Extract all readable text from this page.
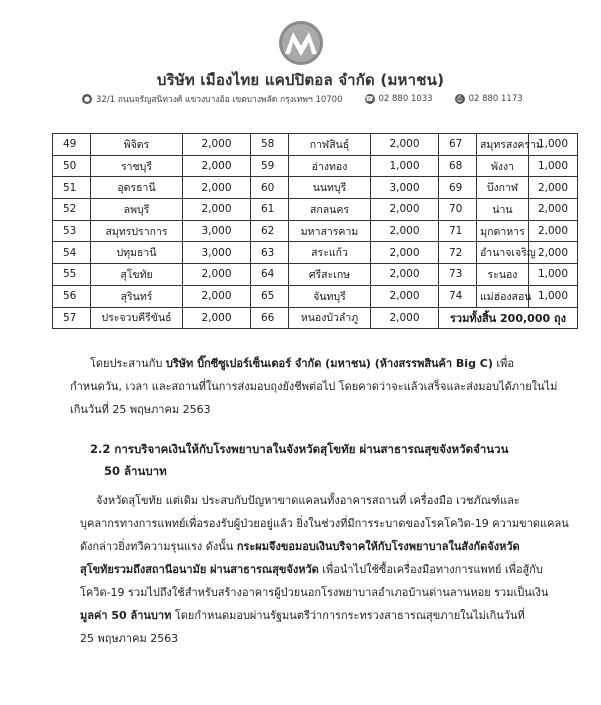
บริษัท เมืองไทย แคปปิตอล จำกัด (มหาชน)
● 32/1 ถนนจรัญสนิทวงศ์ แขวงบางอ้อ เขตบางพลัด กรุงเทพฯ 10700	☎ 02 880 1033	⎙ 02 880 1173
49	พิจิตร	2,000	58	กาฬสินธุ์	2,000	67	สมุทรสงคราม	1,000
50	ราชบุรี	2,000	59	อ่างทอง	1,000	68	พังงา	1,000
51	อุดรธานี	2,000	60	นนทบุรี	3,000	69	บึงกาฬ	2,000
52	ลพบุรี	2,000	61	สกลนคร	2,000	70	น่าน	2,000
53	สมุทรปราการ	3,000	62	มหาสารคาม	2,000	71	มุกดาหาร	2,000
54	ปทุมธานี	3,000	63	สระแก้ว	2,000	72	อำนาจเจริญ	2,000
55	สุโขทัย	2,000	64	ศรีสะเกษ	2,000	73	ระนอง	1,000
56	สุรินทร์	2,000	65	จันทบุรี	2,000	74	แม่ฮ่องสอน	1,000
57	ประจวบคีรีขันธ์	2,000	66	หนองบัวลำภู	2,000	รวมทั้งสิ้น 200,000 ถุง		
โดยประสานกับ บริษัท บิ๊กซีซูเปอร์เซ็นเตอร์ จำกัด (มหาชน) (ห้างสรรพสินค้า Big C) เพื่อ
กำหนดวัน, เวลา และสถานที่ในการส่งมอบถุงยังชีพต่อไป โดยคาดว่าจะแล้วเสร็จและส่งมอบได้ภายในไม่
เกินวันที่ 25 พฤษภาคม 2563
2.2 การบริจาคเงินให้กับโรงพยาบาลในจังหวัดสุโขทัย ผ่านสาธารณสุขจังหวัดจำนวน
50 ล้านบาท
จังหวัดสุโขทัย แต่เดิม ประสบกับปัญหาขาดแคลนทั้งอาคารสถานที่ เครื่องมือ เวชภัณฑ์และ
บุคลากรทางการแพทย์เพื่อรองรับผู้ป่วยอยู่แล้ว ยิ่งในช่วงที่มีการระบาดของโรคโควิด-19 ความขาดแคลน
ดังกล่าวยิ่งทวีความรุนแรง ดังนั้น กระผมจึงขอมอบเงินบริจาคให้กับโรงพยาบาลในสังกัดจังหวัด
สุโขทัยรวมถึงสถานีอนามัย ผ่านสาธารณสุขจังหวัด เพื่อนำไปใช้ซื้อเครื่องมือทางการแพทย์ เพื่อสู้กับ
โควิด-19 รวมไปถึงใช้สำหรับสร้างอาคารผู้ป่วยนอกโรงพยาบาลอำเภอบ้านด่านลานหอย รวมเป็นเงิน
มูลค่า 50 ล้านบาท โดยกำหนดมอบผ่านรัฐมนตรีว่าการกระทรวงสาธารณสุขภายในไม่เกินวันที่
25 พฤษภาคม 2563
